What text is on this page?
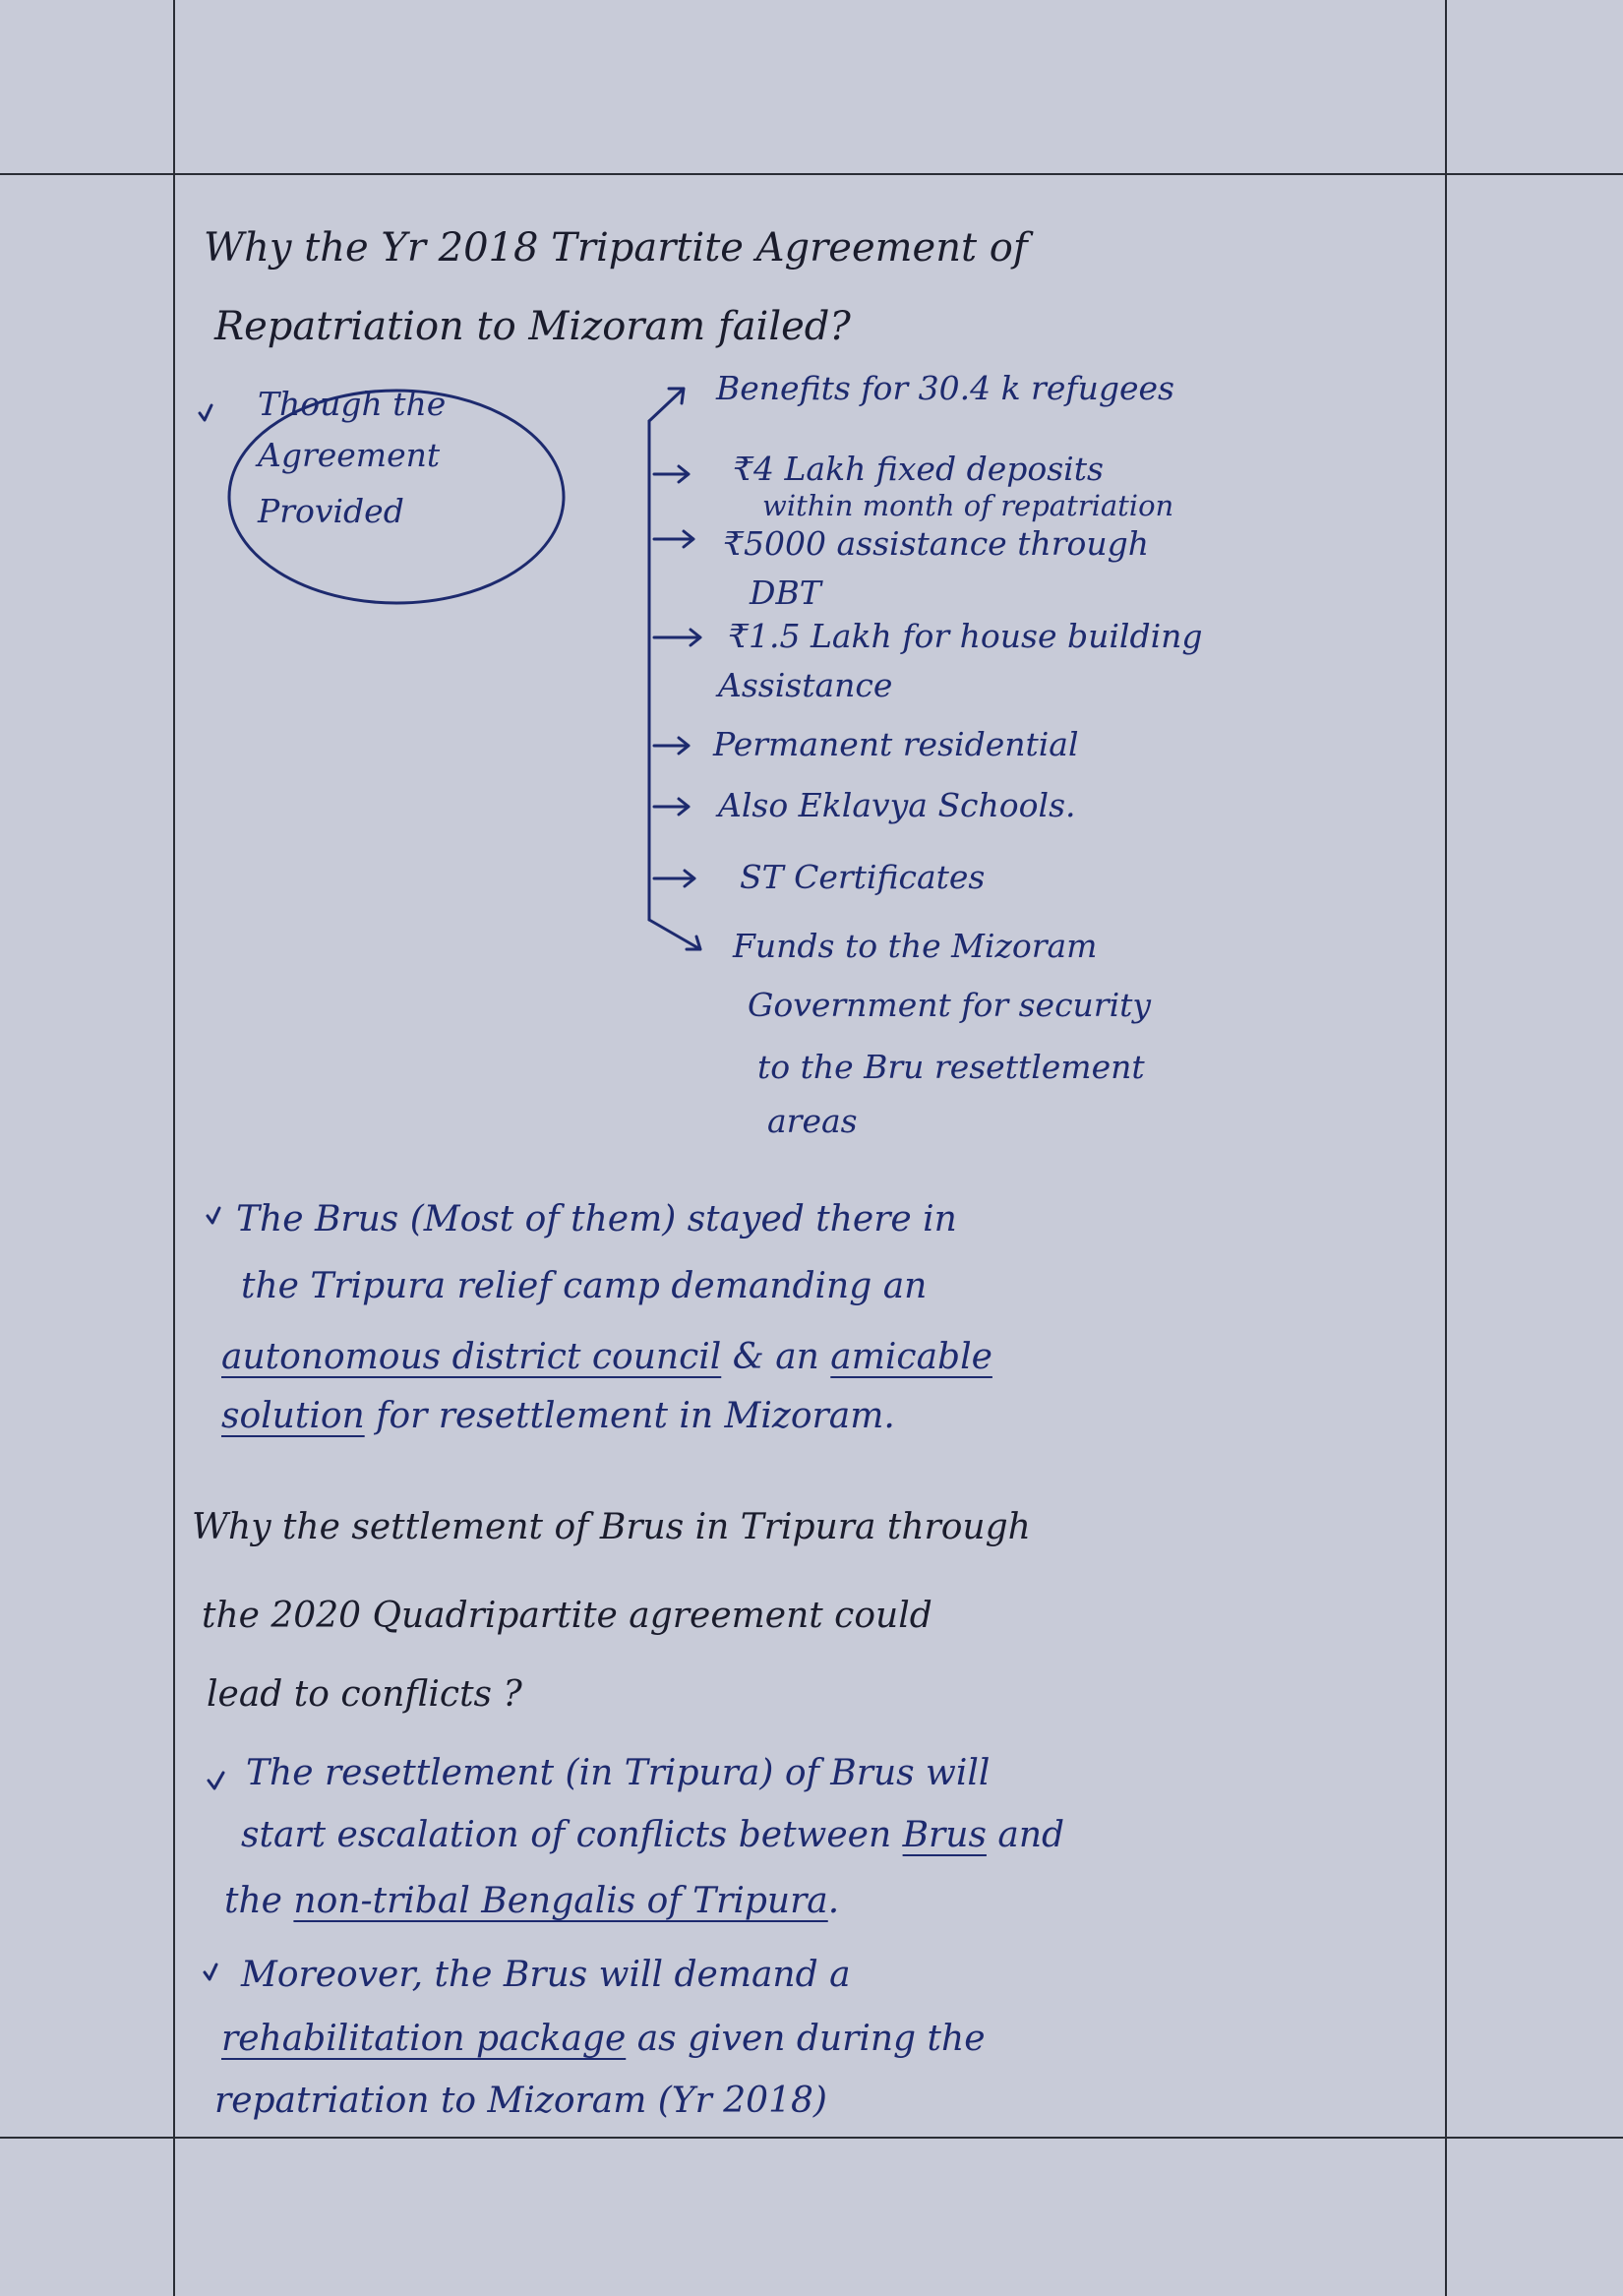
Why the Yr 2018 Tripartite Agreement of
Repatriation to Mizoram failed?
Though the
Agreement
Provided
Benefits for 30.4 k refugees
₹4 Lakh fixed deposits
within month of repatriation
₹5000 assistance through
DBT
₹1.5 Lakh for house building
Assistance
Permanent residential
Also Eklavya Schools.
ST Certificates
Funds to the Mizoram
Government for security
to the Bru resettlement
areas
The Brus (Most of them) stayed there in
the Tripura relief camp demanding an
autonomous district council & an amicable
solution for resettlement in Mizoram.
Why the settlement of Brus in Tripura through
the 2020 Quadripartite agreement could
lead to conflicts ?
The resettlement (in Tripura) of Brus will
start escalation of conflicts between Brus and
the non-tribal Bengalis of Tripura.
Moreover, the Brus will demand a
rehabilitation package as given during the
repatriation to Mizoram (Yr 2018)
